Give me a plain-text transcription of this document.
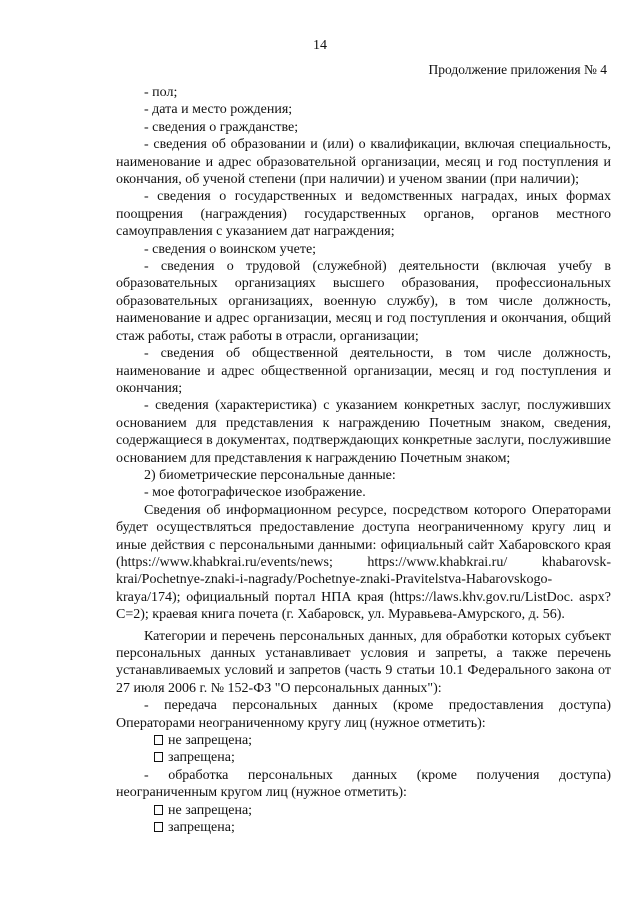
14
Продолжение приложения № 4

- пол;

- дата и место рождения;

- сведения о гражданстве;

- сведения об образовании и (или) о квалификации, включая специальность, наименование и адрес образовательной организации, месяц и год поступления и окончания, об ученой степени (при наличии) и ученом звании (при наличии);

- сведения о государственных и ведомственных наградах, иных формах поощрения (награждения) государственных органов, органов местного самоуправления с указанием дат награждения;

- сведения о воинском учете;

- сведения о трудовой (служебной) деятельности (включая учебу в образовательных организациях высшего образования, профессиональных образовательных организациях, военную службу), в том числе должность, наименование и адрес организации, месяц и год поступления и окончания, общий стаж работы, стаж работы в отрасли, организации;

- сведения об общественной деятельности, в том числе должность, наименование и адрес общественной организации, месяц и год поступления и окончания;

- сведения (характеристика) с указанием конкретных заслуг, послуживших основанием для представления к награждению Почетным знаком, сведения, содержащиеся в документах, подтверждающих конкретные заслуги, послужившие основанием для представления к награждению Почетным знаком;

2) биометрические персональные данные:

- мое фотографическое изображение.

Сведения об информационном ресурсе, посредством которого Операторами будет осуществляться предоставление доступа неограниченному кругу лиц и иные действия с персональными данными: официальный сайт Хабаровского края (https://www.khabkrai.ru/events/news; https://www.khabkrai.ru/ khabarovsk-krai/Pochetnye-znaki-i-nagrady/Pochetnye-znaki-Pravitelstva-Habarovskogo-kraya/174); официальный портал НПА края (https://laws.khv.gov.ru/ListDoc. aspx?C=2); краевая книга почета (г. Хабаровск, ул. Муравьева-Амурского, д. 56).

Категории и перечень персональных данных, для обработки которых субъект персональных данных устанавливает условия и запреты, а также перечень устанавливаемых условий и запретов (часть 9 статьи 10.1 Федерального закона от 27 июля 2006 г. № 152-ФЗ "О персональных данных"):

- передача персональных данных (кроме предоставления доступа) Операторами неограниченному кругу лиц (нужное отметить):

не запрещена;
запрещена;

- обработка персональных данных (кроме получения доступа) неограниченным кругом лиц (нужное отметить):

не запрещена;
запрещена;
